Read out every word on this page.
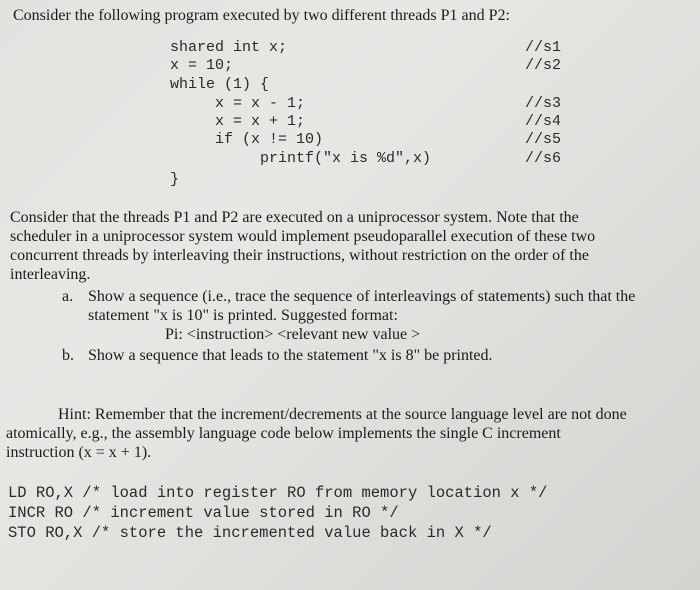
Consider the following program executed by two different threads P1 and P2:
shared int x;	//s1
x = 10;	//s2
while (1) {
x = x - 1;	//s3
x = x + 1;	//s4
if (x != 10)	//s5
printf("x is %d",x)	//s6
}
Consider that the threads P1 and P2 are executed on a uniprocessor system. Note that the
scheduler in a uniprocessor system would implement pseudoparallel execution of these two
concurrent threads by interleaving their instructions, without restriction on the order of the
interleaving.
a. Show a sequence (i.e., trace the sequence of interleavings of statements) such that the
statement "x is 10" is printed. Suggested format:
Pi: <instruction> <relevant new value >
b. Show a sequence that leads to the statement "x is 8" be printed.
Hint: Remember that the increment/decrements at the source language level are not done
atomically, e.g., the assembly language code below implements the single C increment
instruction (x = x + 1).
LD RO,X /* load into register RO from memory location x */
INCR RO /* increment value stored in RO */
STO RO,X /* store the incremented value back in X */
